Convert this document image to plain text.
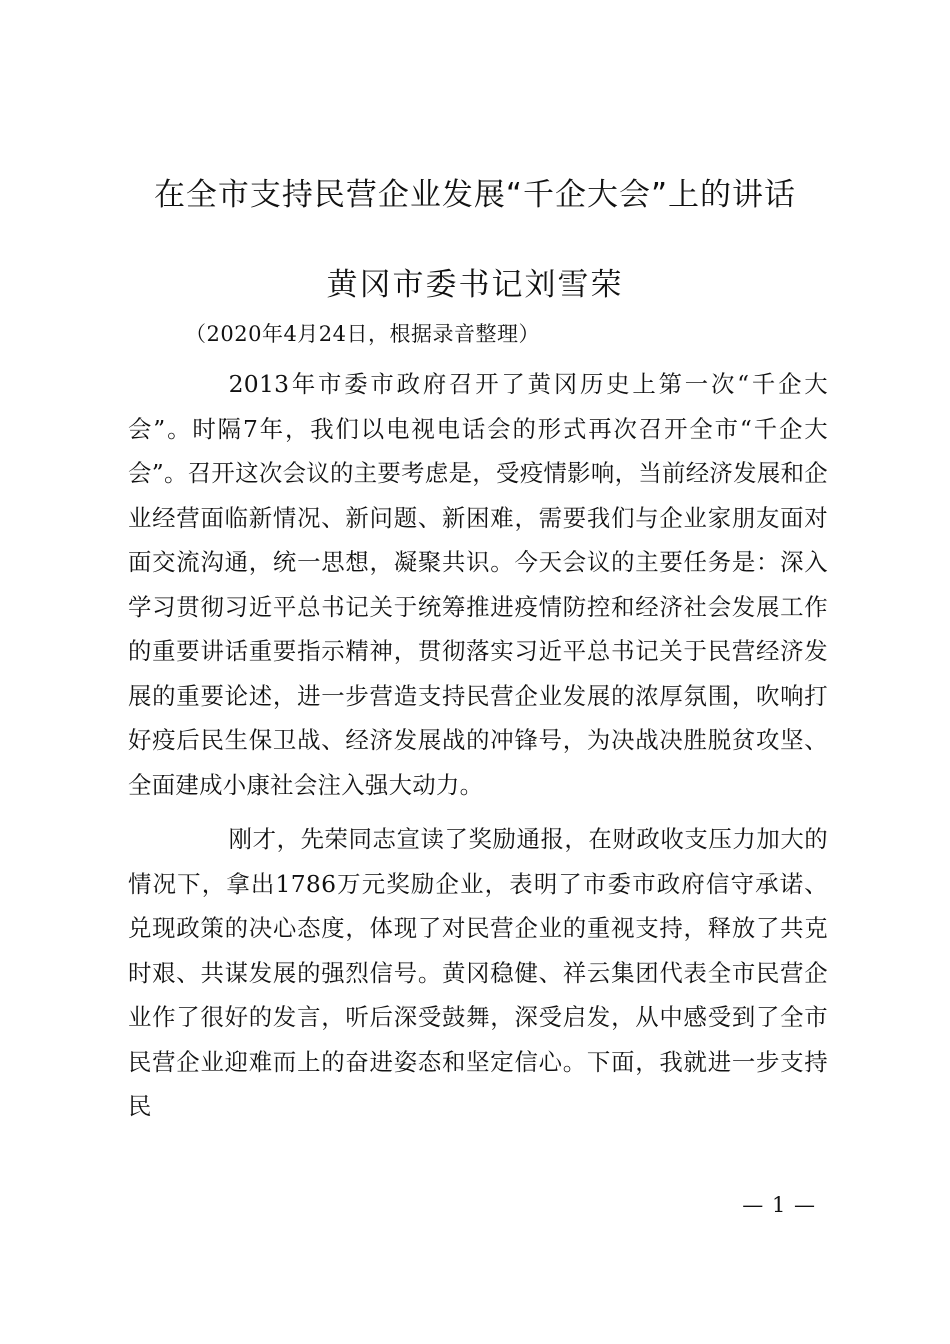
在全市支持民营企业发展“千企大会”上的讲话
黄冈市委书记刘雪荣
（2020年4月24日，根据录音整理）

2013年市委市政府召开了黄冈历史上第一次“千企大会”。时隔7年，我们以电视电话会的形式再次召开全市“千企大会”。召开这次会议的主要考虑是，受疫情影响，当前经济发展和企业经营面临新情况、新问题、新困难，需要我们与企业家朋友面对面交流沟通，统一思想，凝聚共识。今天会议的主要任务是：深入学习贯彻习近平总书记关于统筹推进疫情防控和经济社会发展工作的重要讲话重要指示精神，贯彻落实习近平总书记关于民营经济发展的重要论述，进一步营造支持民营企业发展的浓厚氛围，吹响打好疫后民生保卫战、经济发展战的冲锋号，为决战决胜脱贫攻坚、全面建成小康社会注入强大动力。

刚才，先荣同志宣读了奖励通报，在财政收支压力加大的情况下，拿出1786万元奖励企业，表明了市委市政府信守承诺、兑现政策的决心态度，体现了对民营企业的重视支持，释放了共克时艰、共谋发展的强烈信号。黄冈稳健、祥云集团代表全市民营企业作了很好的发言，听后深受鼓舞，深受启发，从中感受到了全市民营企业迎难而上的奋进姿态和坚定信心。下面，我就进一步支持民

— 1 —
